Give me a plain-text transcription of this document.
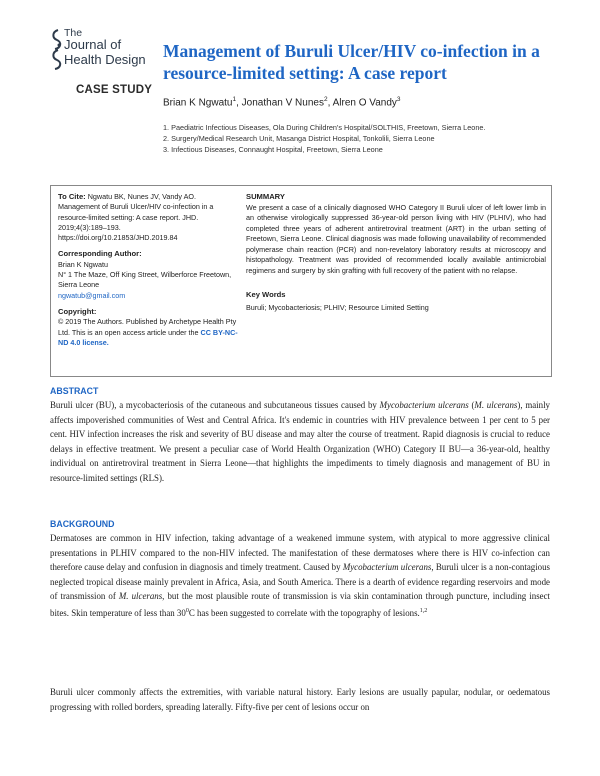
The
Journal of
Health Design
CASE STUDY
Management of Buruli Ulcer/HIV co-infection in a resource-limited setting: A case report
Brian K Ngwatu$^1$, Jonathan V Nunes$^2$, Alren O Vandy$^3$
1. Paediatric Infectious Diseases, Ola During Children's Hospital/SOLTHIS, Freetown, Sierra Leone.
2. Surgery/Medical Research Unit, Masanga District Hospital, Tonkolili, Sierra Leone
3. Infectious Diseases, Connaught Hospital, Freetown, Sierra Leone

To Cite: Ngwatu BK, Nunes JV, Vandy AO. Management of Buruli Ulcer/HIV co-infection in a resource-limited setting: A case report. JHD. 2019;4(3):189–193. https://doi.org/10.21853/JHD.2019.84

Corresponding Author:
Brian K Ngwatu
N° 1 The Maze, Off King Street, Wilberforce Freetown, Sierra Leone
ngwatub@gmail.com

Copyright:
© 2019 The Authors. Published by Archetype Health Pty Ltd. This is an open access article under the CC BY-NC-ND 4.0 license.

SUMMARY

We present a case of a clinically diagnosed WHO Category II Buruli ulcer of left lower limb in an otherwise virologically suppressed 36-year-old person living with HIV (PLHIV), who had completed three years of adherent antiretroviral treatment (ART) in the urban setting of Freetown, Sierra Leone. Clinical diagnosis was made following unavailability of recommended polymerase chain reaction (PCR) and non-revelatory laboratory results at microscopy and histopathology. Treatment was provided of recommended locally available antimicrobial regimens and surgery by skin grafting with full recovery of the patient with no relapse.

Key Words

Buruli; Mycobacteriosis; PLHIV; Resource Limited Setting

ABSTRACT

Buruli ulcer (BU), a mycobacteriosis of the cutaneous and subcutaneous tissues caused by Mycobacterium ulcerans (M. ulcerans), mainly affects impoverished communities of West and Central Africa. It's endemic in countries with HIV prevalence between 1 per cent to 5 per cent. HIV infection increases the risk and severity of BU disease and may alter the course of treatment. Rapid diagnosis is crucial to reduce delays in effective treatment. We present a peculiar case of World Health Organization (WHO) Category II BU—a 36-year-old, healthy individual on antiretroviral treatment in Sierra Leone—that highlights the impediments to timely diagnosis and management of BU in resource-limited settings (RLS).

BACKGROUND

Dermatoses are common in HIV infection, taking advantage of a weakened immune system, with atypical to more aggressive clinical presentations in PLHIV compared to the non-HIV infected. The manifestation of these dermatoses where there is HIV co-infection can therefore cause delay and confusion in diagnosis and timely treatment. Caused by Mycobacterium ulcerans, Buruli ulcer is a non-contagious neglected tropical disease mainly prevalent in Africa, Asia, and South America. There is a dearth of evidence regarding reservoirs and mode of transmission of M. ulcerans, but the most plausible route of transmission is via skin contamination through puncture, including insect bites. Skin temperature of less than $30^0C$ has been suggested to correlate with the topography of lesions.$^{1,2}$

Buruli ulcer commonly affects the extremities, with variable natural history. Early lesions are usually papular, nodular, or oedematous progressing with rolled borders, spreading laterally. Fifty-five per cent of lesions occur on
